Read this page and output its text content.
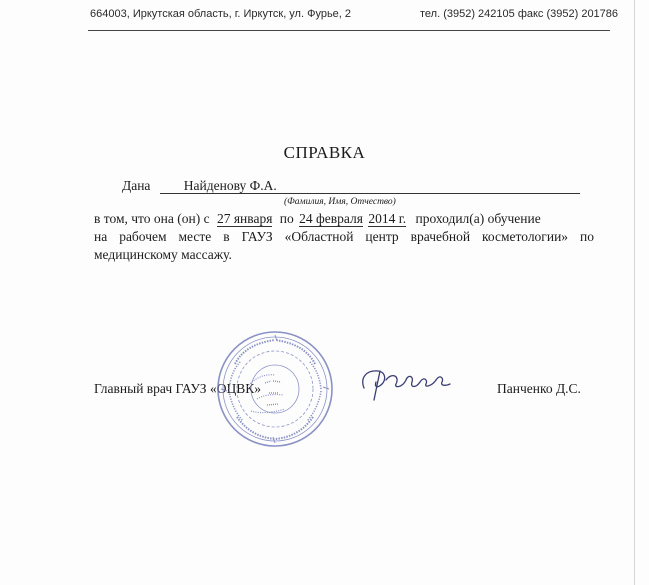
664003, Иркутская область, г. Иркутск, ул. Фурье, 2	тел. (3952) 242105 факс (3952) 201786
СПРАВКА
Дана Найденову Ф.А.
(Фамилия, Имя, Отчество)
в том, что она (он) с 27 января по 24 февраля 2014 г. проходил(а) обучение
на рабочем месте в ГАУЗ «Областной центр врачебной косметологии» по
медицинскому массажу.
Главный врач ГАУЗ «ОЦВК»	Панченко Д.С.
